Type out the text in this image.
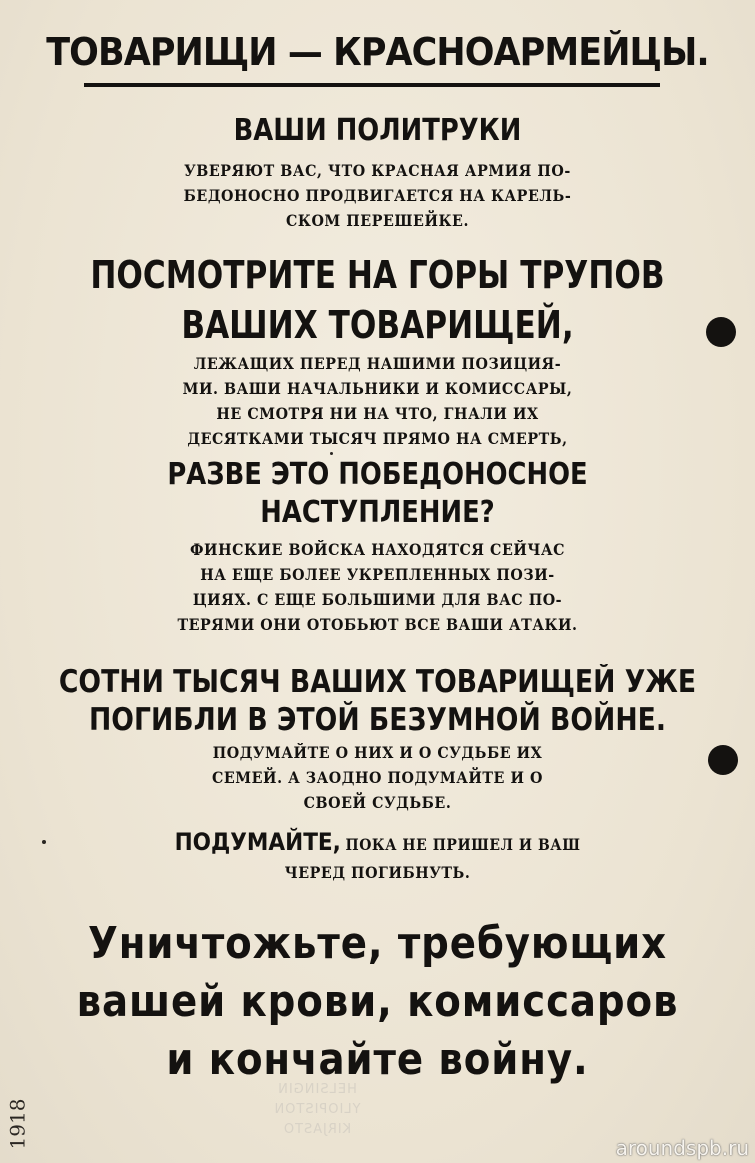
ТОВАРИЩИ — КРАСНОАРМЕЙЦЫ.
ВАШИ ПОЛИТРУКИ
УВЕРЯЮТ ВАС, ЧТО КРАСНАЯ АРМИЯ ПО-
БЕДОНОСНО ПРОДВИГАЕТСЯ НА КАРЕЛЬ-
СКОМ ПЕРЕШЕЙКЕ.
ПОСМОТРИТЕ НА ГОРЫ ТРУПОВ
ВАШИХ ТОВАРИЩЕЙ,
ЛЕЖАЩИХ ПЕРЕД НАШИМИ ПОЗИЦИЯ-
МИ. ВАШИ НАЧАЛЬНИКИ И КОМИССАРЫ,
НЕ СМОТРЯ НИ НА ЧТО, ГНАЛИ ИХ
ДЕСЯТКАМИ ТЫСЯЧ ПРЯМО НА СМЕРТЬ,
РАЗВЕ ЭТО ПОБЕДОНОСНОЕ
НАСТУПЛЕНИЕ?
ФИНСКИЕ ВОЙСКА НАХОДЯТСЯ СЕЙЧАС
НА ЕЩЕ БОЛЕЕ УКРЕПЛЕННЫХ ПОЗИ-
ЦИЯХ. С ЕЩЕ БОЛЬШИМИ ДЛЯ ВАС ПО-
ТЕРЯМИ ОНИ ОТОБЬЮТ ВСЕ ВАШИ АТАКИ.
СОТНИ ТЫСЯЧ ВАШИХ ТОВАРИЩЕЙ УЖЕ
ПОГИБЛИ В ЭТОЙ БЕЗУМНОЙ ВОЙНЕ.
ПОДУМАЙТЕ О НИХ И О СУДЬБЕ ИХ
СЕМЕЙ. А ЗАОДНО ПОДУМАЙТЕ И О
СВОЕЙ СУДЬБЕ.
ПОДУМАЙТЕ, ПОКА НЕ ПРИШЕЛ И ВАШ
ЧЕРЕД ПОГИБНУТЬ.
Уничтожьте, требующих
вашей крови, комиссаров
и кончайте войну.
HELSINGIN
YLIOPISTON
KIRJASTO
1918	aroundspb.ru
